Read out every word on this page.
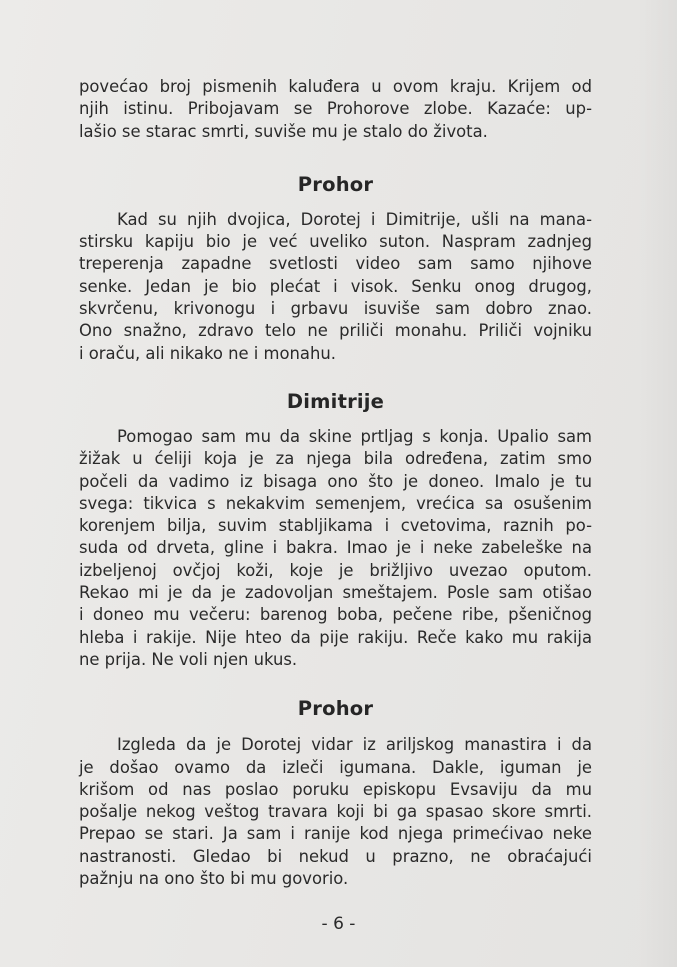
povećao broj pismenih kaluđera u ovom kraju. Krijem od
njih istinu. Pribojavam se Prohorove zlobe. Kazaće: up-
lašio se starac smrti, suviše mu je stalo do života.

Prohor

Kad su njih dvojica, Dorotej i Dimitrije, ušli na mana-
stirsku kapiju bio je već uveliko suton. Naspram zadnjeg
treperenja zapadne svetlosti video sam samo njihove
senke. Jedan je bio plećat i visok. Senku onog drugog,
skvrčenu, krivonogu i grbavu isuviše sam dobro znao.
Ono snažno, zdravo telo ne priliči monahu. Priliči vojniku
i oraču, ali nikako ne i monahu.

Dimitrije

Pomogao sam mu da skine prtljag s konja. Upalio sam
žižak u ćeliji koja je za njega bila određena, zatim smo
počeli da vadimo iz bisaga ono što je doneo. Imalo je tu
svega: tikvica s nekakvim semenjem, vrećica sa osušenim
korenjem bilja, suvim stabljikama i cvetovima, raznih po-
suda od drveta, gline i bakra. Imao je i neke zabeleške na
izbeljenoj ovčjoj koži, koje je brižljivo uvezao oputom.
Rekao mi je da je zadovoljan smeštajem. Posle sam otišao
i doneo mu večeru: barenog boba, pečene ribe, pšeničnog
hleba i rakije. Nije hteo da pije rakiju. Reče kako mu rakija
ne prija. Ne voli njen ukus.

Prohor

Izgleda da je Dorotej vidar iz ariljskog manastira i da
je došao ovamo da izleči igumana. Dakle, iguman je
krišom od nas poslao poruku episkopu Evsaviju da mu
pošalje nekog veštog travara koji bi ga spasao skore smrti.
Prepao se stari. Ja sam i ranije kod njega primećivao neke
nastranosti. Gledao bi nekud u prazno, ne obraćajući
pažnju na ono što bi mu govorio.

- 6 -
